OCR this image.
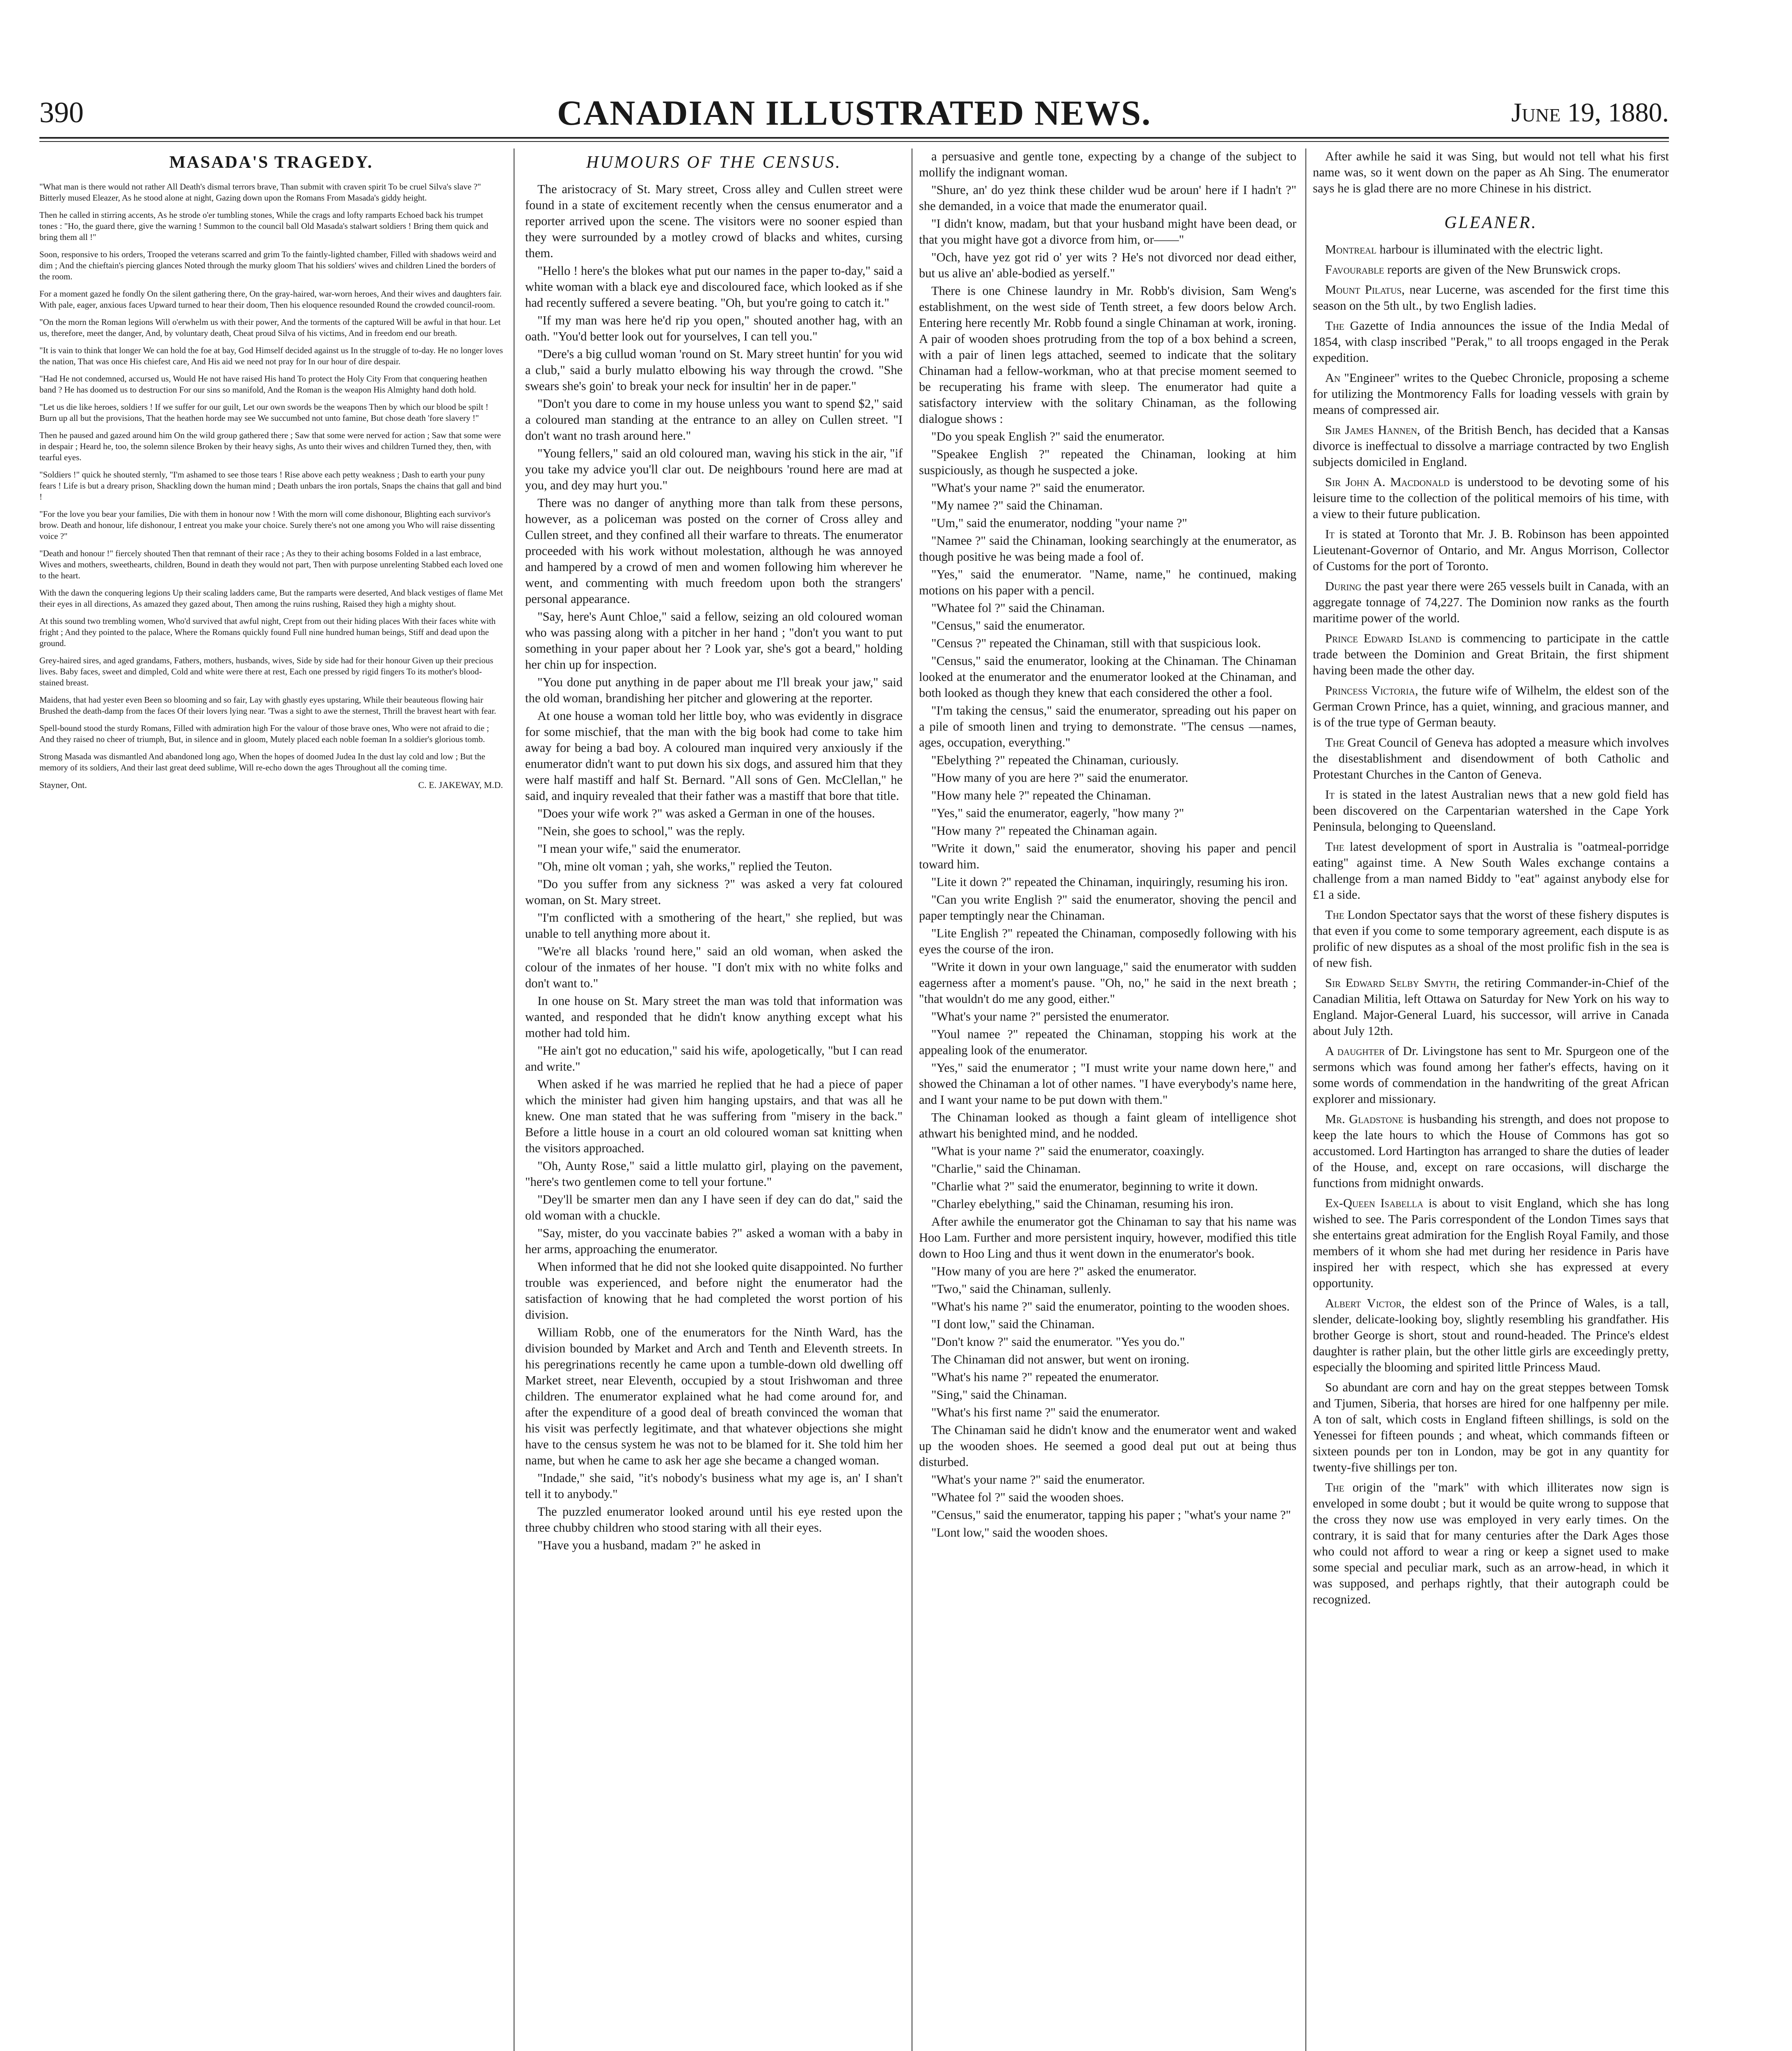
390	CANADIAN ILLUSTRATED NEWS.	June 19, 1880.
MASADA'S TRAGEDY.

"What man is there would not rather All Death's dismal terrors brave, Than submit with craven spirit To be cruel Silva's slave ?" Bitterly mused Eleazer, As he stood alone at night, Gazing down upon the Romans From Masada's giddy height.

Then he called in stirring accents, As he strode o'er tumbling stones, While the crags and lofty ramparts Echoed back his trumpet tones : "Ho, the guard there, give the warning ! Summon to the council ball Old Masada's stalwart soldiers ! Bring them quick and bring them all !"

Soon, responsive to his orders, Trooped the veterans scarred and grim To the faintly-lighted chamber, Filled with shadows weird and dim ; And the chieftain's piercing glances Noted through the murky gloom That his soldiers' wives and children Lined the borders of the room.

For a moment gazed he fondly On the silent gathering there, On the gray-haired, war-worn heroes, And their wives and daughters fair. With pale, eager, anxious faces Upward turned to hear their doom, Then his eloquence resounded Round the crowded council-room.

"On the morn the Roman legions Will o'erwhelm us with their power, And the torments of the captured Will be awful in that hour. Let us, therefore, meet the danger, And, by voluntary death, Cheat proud Silva of his victims, And in freedom end our breath.

"It is vain to think that longer We can hold the foe at bay, God Himself decided against us In the struggle of to-day. He no longer loves the nation, That was once His chiefest care, And His aid we need not pray for In our hour of dire despair.

"Had He not condemned, accursed us, Would He not have raised His hand To protect the Holy City From that conquering heathen band ? He has doomed us to destruction For our sins so manifold, And the Roman is the weapon His Almighty hand doth hold.

"Let us die like heroes, soldiers ! If we suffer for our guilt, Let our own swords be the weapons Then by which our blood be spilt ! Burn up all but the provisions, That the heathen horde may see We succumbed not unto famine, But chose death 'fore slavery !"

Then he paused and gazed around him On the wild group gathered there ; Saw that some were nerved for action ; Saw that some were in despair ; Heard he, too, the solemn silence Broken by their heavy sighs, As unto their wives and children Turned they, then, with tearful eyes.

"Soldiers !" quick he shouted sternly, "I'm ashamed to see those tears ! Rise above each petty weakness ; Dash to earth your puny fears ! Life is but a dreary prison, Shackling down the human mind ; Death unbars the iron portals, Snaps the chains that gall and bind !

"For the love you bear your families, Die with them in honour now ! With the morn will come dishonour, Blighting each survivor's brow. Death and honour, life dishonour, I entreat you make your choice. Surely there's not one among you Who will raise dissenting voice ?"

"Death and honour !" fiercely shouted Then that remnant of their race ; As they to their aching bosoms Folded in a last embrace, Wives and mothers, sweethearts, children, Bound in death they would not part, Then with purpose unrelenting Stabbed each loved one to the heart.

With the dawn the conquering legions Up their scaling ladders came, But the ramparts were deserted, And black vestiges of flame Met their eyes in all directions, As amazed they gazed about, Then among the ruins rushing, Raised they high a mighty shout.

At this sound two trembling women, Who'd survived that awful night, Crept from out their hiding places With their faces white with fright ; And they pointed to the palace, Where the Romans quickly found Full nine hundred human beings, Stiff and dead upon the ground.

Grey-haired sires, and aged grandams, Fathers, mothers, husbands, wives, Side by side had for their honour Given up their precious lives. Baby faces, sweet and dimpled, Cold and white were there at rest, Each one pressed by rigid fingers To its mother's blood-stained breast.

Maidens, that had yester even Been so blooming and so fair, Lay with ghastly eyes upstaring, While their beauteous flowing hair Brushed the death-damp from the faces Of their lovers lying near. 'Twas a sight to awe the sternest, Thrill the bravest heart with fear.

Spell-bound stood the sturdy Romans, Filled with admiration high For the valour of those brave ones, Who were not afraid to die ; And they raised no cheer of triumph, But, in silence and in gloom, Mutely placed each noble foeman In a soldier's glorious tomb.

Strong Masada was dismantled And abandoned long ago, When the hopes of doomed Judea In the dust lay cold and low ; But the memory of its soldiers, And their last great deed sublime, Will re-echo down the ages Throughout all the coming time.

Stayner, Ont.	C. E. JAKEWAY, M.D.
HUMOURS OF THE CENSUS.

The aristocracy of St. Mary street, Cross alley and Cullen street were found in a state of excitement recently when the census enumerator and a reporter arrived upon the scene. The visitors were no sooner espied than they were surrounded by a motley crowd of blacks and whites, cursing them.

"Hello ! here's the blokes what put our names in the paper to-day," said a white woman with a black eye and discoloured face, which looked as if she had recently suffered a severe beating. "Oh, but you're going to catch it."

"If my man was here he'd rip you open," shouted another hag, with an oath. "You'd better look out for yourselves, I can tell you."

"Dere's a big cullud woman 'round on St. Mary street huntin' for you wid a club," said a burly mulatto elbowing his way through the crowd. "She swears she's goin' to break your neck for insultin' her in de paper."

"Don't you dare to come in my house unless you want to spend $2," said a coloured man standing at the entrance to an alley on Cullen street. "I don't want no trash around here."

"Young fellers," said an old coloured man, waving his stick in the air, "if you take my advice you'll clar out. De neighbours 'round here are mad at you, and dey may hurt you."

There was no danger of anything more than talk from these persons, however, as a policeman was posted on the corner of Cross alley and Cullen street, and they confined all their warfare to threats. The enumerator proceeded with his work without molestation, although he was annoyed and hampered by a crowd of men and women following him wherever he went, and commenting with much freedom upon both the strangers' personal appearance.

"Say, here's Aunt Chloe," said a fellow, seizing an old coloured woman who was passing along with a pitcher in her hand ; "don't you want to put something in your paper about her ? Look yar, she's got a beard," holding her chin up for inspection.

"You done put anything in de paper about me I'll break your jaw," said the old woman, brandishing her pitcher and glowering at the reporter.

At one house a woman told her little boy, who was evidently in disgrace for some mischief, that the man with the big book had come to take him away for being a bad boy. A coloured man inquired very anxiously if the enumerator didn't want to put down his six dogs, and assured him that they were half mastiff and half St. Bernard. "All sons of Gen. McClellan," he said, and inquiry revealed that their father was a mastiff that bore that title.

"Does your wife work ?" was asked a German in one of the houses.

"Nein, she goes to school," was the reply.

"I mean your wife," said the enumerator.

"Oh, mine olt voman ; yah, she works," replied the Teuton.

"Do you suffer from any sickness ?" was asked a very fat coloured woman, on St. Mary street.

"I'm conflicted with a smothering of the heart," she replied, but was unable to tell anything more about it.

"We're all blacks 'round here," said an old woman, when asked the colour of the inmates of her house. "I don't mix with no white folks and don't want to."

In one house on St. Mary street the man was told that information was wanted, and responded that he didn't know anything except what his mother had told him.

"He ain't got no education," said his wife, apologetically, "but I can read and write."

When asked if he was married he replied that he had a piece of paper which the minister had given him hanging upstairs, and that was all he knew. One man stated that he was suffering from "misery in the back." Before a little house in a court an old coloured woman sat knitting when the visitors approached.

"Oh, Aunty Rose," said a little mulatto girl, playing on the pavement, "here's two gentlemen come to tell your fortune."

"Dey'll be smarter men dan any I have seen if dey can do dat," said the old woman with a chuckle.

"Say, mister, do you vaccinate babies ?" asked a woman with a baby in her arms, approaching the enumerator.

When informed that he did not she looked quite disappointed. No further trouble was experienced, and before night the enumerator had the satisfaction of knowing that he had completed the worst portion of his division.

William Robb, one of the enumerators for the Ninth Ward, has the division bounded by Market and Arch and Tenth and Eleventh streets. In his peregrinations recently he came upon a tumble-down old dwelling off Market street, near Eleventh, occupied by a stout Irishwoman and three children. The enumerator explained what he had come around for, and after the expenditure of a good deal of breath convinced the woman that his visit was perfectly legitimate, and that whatever objections she might have to the census system he was not to be blamed for it. She told him her name, but when he came to ask her age she became a changed woman.

"Indade," she said, "it's nobody's business what my age is, an' I shan't tell it to anybody."

The puzzled enumerator looked around until his eye rested upon the three chubby children who stood staring with all their eyes.

"Have you a husband, madam ?" he asked in

a persuasive and gentle tone, expecting by a change of the subject to mollify the indignant woman.

"Shure, an' do yez think these childer wud be aroun' here if I hadn't ?" she demanded, in a voice that made the enumerator quail.

"I didn't know, madam, but that your husband might have been dead, or that you might have got a divorce from him, or——"

"Och, have yez got rid o' yer wits ? He's not divorced nor dead either, but us alive an' able-bodied as yerself."

There is one Chinese laundry in Mr. Robb's division, Sam Weng's establishment, on the west side of Tenth street, a few doors below Arch. Entering here recently Mr. Robb found a single Chinaman at work, ironing. A pair of wooden shoes protruding from the top of a box behind a screen, with a pair of linen legs attached, seemed to indicate that the solitary Chinaman had a fellow-workman, who at that precise moment seemed to be recuperating his frame with sleep. The enumerator had quite a satisfactory interview with the solitary Chinaman, as the following dialogue shows :

"Do you speak English ?" said the enumerator.

"Speakee English ?" repeated the Chinaman, looking at him suspiciously, as though he suspected a joke.

"What's your name ?" said the enumerator.

"My namee ?" said the Chinaman.

"Um," said the enumerator, nodding "your name ?"

"Namee ?" said the Chinaman, looking searchingly at the enumerator, as though positive he was being made a fool of.

"Yes," said the enumerator. "Name, name," he continued, making motions on his paper with a pencil.

"Whatee fol ?" said the Chinaman.

"Census," said the enumerator.

"Census ?" repeated the Chinaman, still with that suspicious look.

"Census," said the enumerator, looking at the Chinaman. The Chinaman looked at the enumerator and the enumerator looked at the Chinaman, and both looked as though they knew that each considered the other a fool.

"I'm taking the census," said the enumerator, spreading out his paper on a pile of smooth linen and trying to demonstrate. "The census —names, ages, occupation, everything."

"Ebelything ?" repeated the Chinaman, curiously.

"How many of you are here ?" said the enumerator.

"How many hele ?" repeated the Chinaman.

"Yes," said the enumerator, eagerly, "how many ?"

"How many ?" repeated the Chinaman again.

"Write it down," said the enumerator, shoving his paper and pencil toward him.

"Lite it down ?" repeated the Chinaman, inquiringly, resuming his iron.

"Can you write English ?" said the enumerator, shoving the pencil and paper temptingly near the Chinaman.

"Lite English ?" repeated the Chinaman, composedly following with his eyes the course of the iron.

"Write it down in your own language," said the enumerator with sudden eagerness after a moment's pause. "Oh, no," he said in the next breath ; "that wouldn't do me any good, either."

"What's your name ?" persisted the enumerator.

"Youl namee ?" repeated the Chinaman, stopping his work at the appealing look of the enumerator.

"Yes," said the enumerator ; "I must write your name down here," and showed the Chinaman a lot of other names. "I have everybody's name here, and I want your name to be put down with them."

The Chinaman looked as though a faint gleam of intelligence shot athwart his benighted mind, and he nodded.

"What is your name ?" said the enumerator, coaxingly.

"Charlie," said the Chinaman.

"Charlie what ?" said the enumerator, beginning to write it down.

"Charley ebelything," said the Chinaman, resuming his iron.

After awhile the enumerator got the Chinaman to say that his name was Hoo Lam. Further and more persistent inquiry, however, modified this title down to Hoo Ling and thus it went down in the enumerator's book.

"How many of you are here ?" asked the enumerator.

"Two," said the Chinaman, sullenly.

"What's his name ?" said the enumerator, pointing to the wooden shoes.

"I dont low," said the Chinaman.

"Don't know ?" said the enumerator. "Yes you do."

The Chinaman did not answer, but went on ironing.

"What's his name ?" repeated the enumerator.

"Sing," said the Chinaman.

"What's his first name ?" said the enumerator.

The Chinaman said he didn't know and the enumerator went and waked up the wooden shoes. He seemed a good deal put out at being thus disturbed.

"What's your name ?" said the enumerator.

"Whatee fol ?" said the wooden shoes.

"Census," said the enumerator, tapping his paper ; "what's your name ?"

"Lont low," said the wooden shoes.

After awhile he said it was Sing, but would not tell what his first name was, so it went down on the paper as Ah Sing. The enumerator says he is glad there are no more Chinese in his district.

GLEANER.

Montreal harbour is illuminated with the electric light.

Favourable reports are given of the New Brunswick crops.

Mount Pilatus, near Lucerne, was ascended for the first time this season on the 5th ult., by two English ladies.

The Gazette of India announces the issue of the India Medal of 1854, with clasp inscribed "Perak," to all troops engaged in the Perak expedition.

An "Engineer" writes to the Quebec Chronicle, proposing a scheme for utilizing the Montmorency Falls for loading vessels with grain by means of compressed air.

Sir James Hannen, of the British Bench, has decided that a Kansas divorce is ineffectual to dissolve a marriage contracted by two English subjects domiciled in England.

Sir John A. Macdonald is understood to be devoting some of his leisure time to the collection of the political memoirs of his time, with a view to their future publication.

It is stated at Toronto that Mr. J. B. Robinson has been appointed Lieutenant-Governor of Ontario, and Mr. Angus Morrison, Collector of Customs for the port of Toronto.

During the past year there were 265 vessels built in Canada, with an aggregate tonnage of 74,227. The Dominion now ranks as the fourth maritime power of the world.

Prince Edward Island is commencing to participate in the cattle trade between the Dominion and Great Britain, the first shipment having been made the other day.

Princess Victoria, the future wife of Wilhelm, the eldest son of the German Crown Prince, has a quiet, winning, and gracious manner, and is of the true type of German beauty.

The Great Council of Geneva has adopted a measure which involves the disestablishment and disendowment of both Catholic and Protestant Churches in the Canton of Geneva.

It is stated in the latest Australian news that a new gold field has been discovered on the Carpentarian watershed in the Cape York Peninsula, belonging to Queensland.

The latest development of sport in Australia is "oatmeal-porridge eating" against time. A New South Wales exchange contains a challenge from a man named Biddy to "eat" against anybody else for £1 a side.

The London Spectator says that the worst of these fishery disputes is that even if you come to some temporary agreement, each dispute is as prolific of new disputes as a shoal of the most prolific fish in the sea is of new fish.

Sir Edward Selby Smyth, the retiring Commander-in-Chief of the Canadian Militia, left Ottawa on Saturday for New York on his way to England. Major-General Luard, his successor, will arrive in Canada about July 12th.

A daughter of Dr. Livingstone has sent to Mr. Spurgeon one of the sermons which was found among her father's effects, having on it some words of commendation in the handwriting of the great African explorer and missionary.

Mr. Gladstone is husbanding his strength, and does not propose to keep the late hours to which the House of Commons has got so accustomed. Lord Hartington has arranged to share the duties of leader of the House, and, except on rare occasions, will discharge the functions from midnight onwards.

Ex-Queen Isabella is about to visit England, which she has long wished to see. The Paris correspondent of the London Times says that she entertains great admiration for the English Royal Family, and those members of it whom she had met during her residence in Paris have inspired her with respect, which she has expressed at every opportunity.

Albert Victor, the eldest son of the Prince of Wales, is a tall, slender, delicate-looking boy, slightly resembling his grandfather. His brother George is short, stout and round-headed. The Prince's eldest daughter is rather plain, but the other little girls are exceedingly pretty, especially the blooming and spirited little Princess Maud.

So abundant are corn and hay on the great steppes between Tomsk and Tjumen, Siberia, that horses are hired for one halfpenny per mile. A ton of salt, which costs in England fifteen shillings, is sold on the Yenessei for fifteen pounds ; and wheat, which commands fifteen or sixteen pounds per ton in London, may be got in any quantity for twenty-five shillings per ton.

The origin of the "mark" with which illiterates now sign is enveloped in some doubt ; but it would be quite wrong to suppose that the cross they now use was employed in very early times. On the contrary, it is said that for many centuries after the Dark Ages those who could not afford to wear a ring or keep a signet used to make some special and peculiar mark, such as an arrow-head, in which it was supposed, and perhaps rightly, that their autograph could be recognized.
